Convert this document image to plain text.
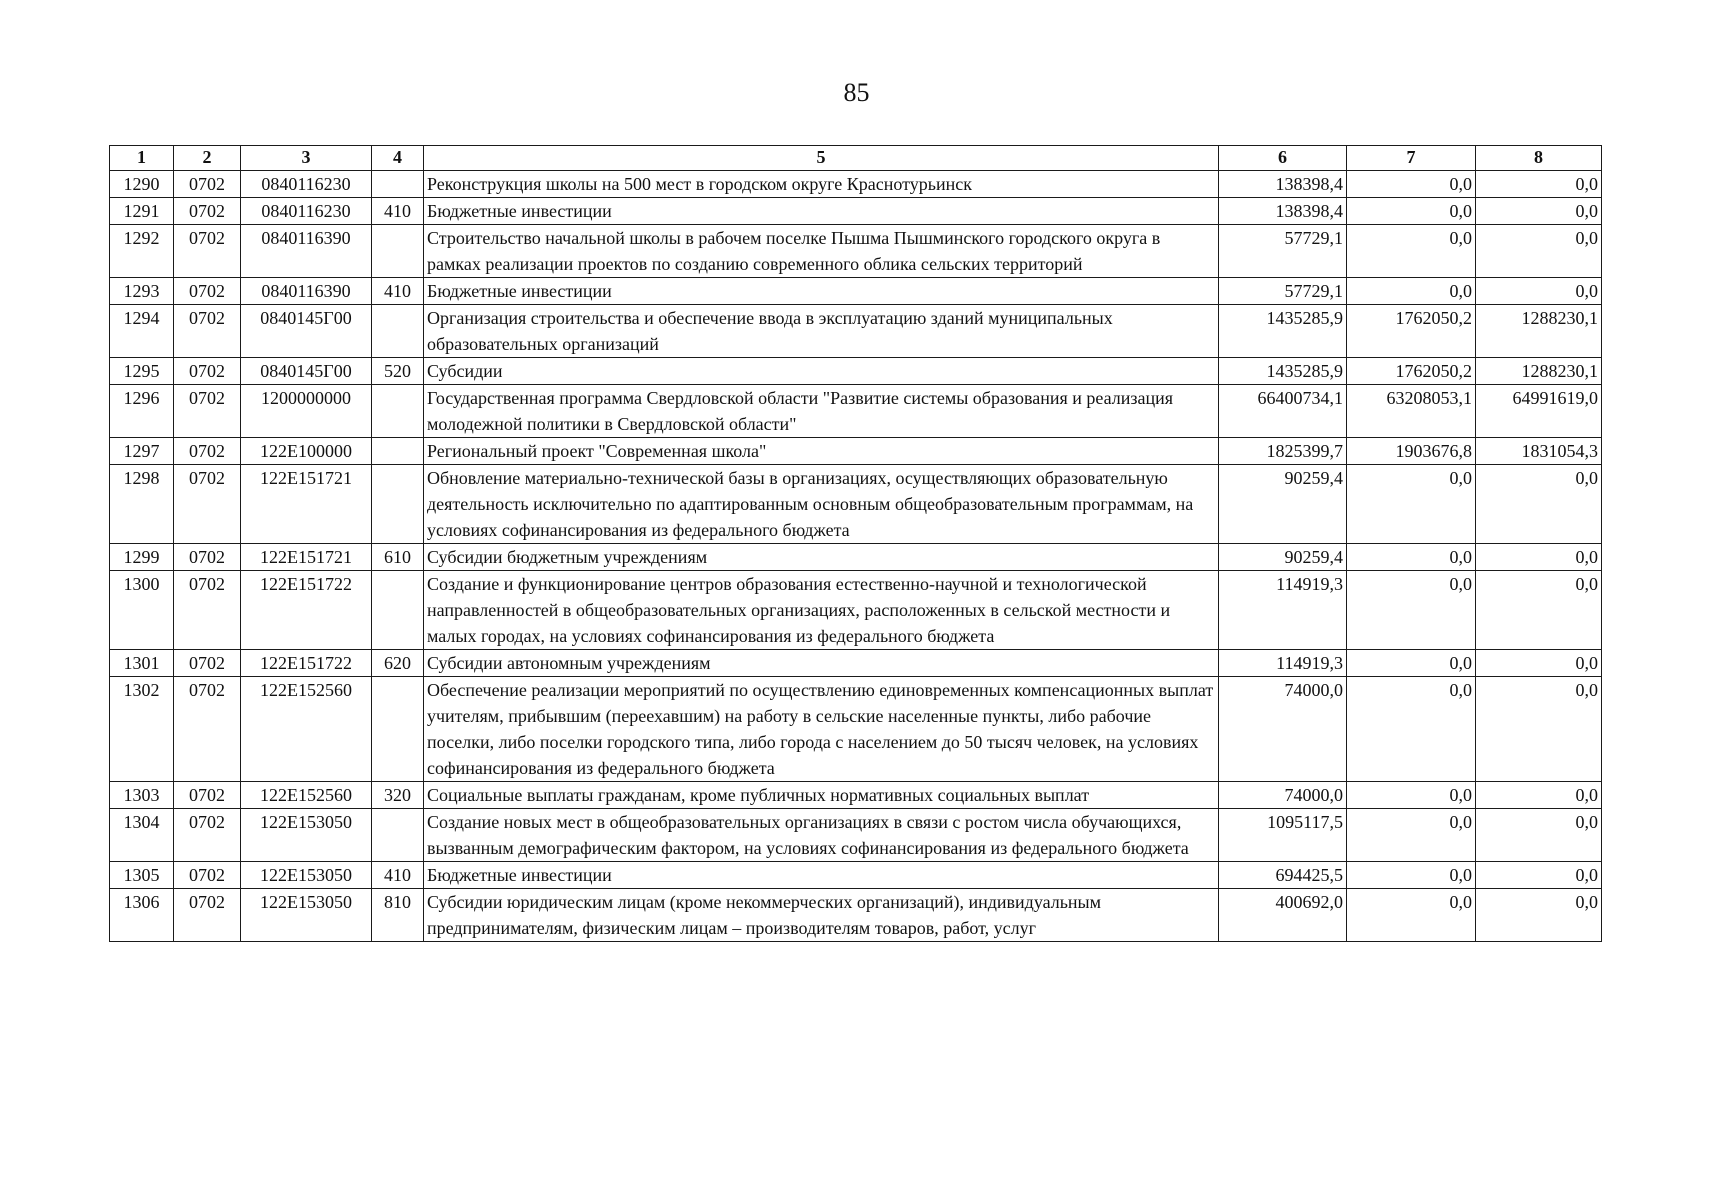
85
1	2	3	4	5	6	7	8
1290	0702	0840116230		Реконструкция школы на 500 мест в городском округе Краснотурьинск	138398,4	0,0	0,0
1291	0702	0840116230	410	Бюджетные инвестиции	138398,4	0,0	0,0
1292	0702	0840116390		Строительство начальной школы в рабочем поселке Пышма Пышминского городского округа в рамках реализации проектов по созданию современного облика сельских территорий	57729,1	0,0	0,0
1293	0702	0840116390	410	Бюджетные инвестиции	57729,1	0,0	0,0
1294	0702	0840145Г00		Организация строительства и обеспечение ввода в эксплуатацию зданий муниципальных образовательных организаций	1435285,9	1762050,2	1288230,1
1295	0702	0840145Г00	520	Субсидии	1435285,9	1762050,2	1288230,1
1296	0702	1200000000		Государственная программа Свердловской области "Развитие системы образования и реализация молодежной политики в Свердловской области"	66400734,1	63208053,1	64991619,0
1297	0702	122E100000		Региональный проект "Современная школа"	1825399,7	1903676,8	1831054,3
1298	0702	122E151721		Обновление материально-технической базы в организациях, осуществляющих образовательную деятельность исключительно по адаптированным основным общеобразовательным программам, на условиях софинансирования из федерального бюджета	90259,4	0,0	0,0
1299	0702	122E151721	610	Субсидии бюджетным учреждениям	90259,4	0,0	0,0
1300	0702	122E151722		Создание и функционирование центров образования естественно-научной и технологической направленностей в общеобразовательных организациях, расположенных в сельской местности и малых городах, на условиях софинансирования из федерального бюджета	114919,3	0,0	0,0
1301	0702	122E151722	620	Субсидии автономным учреждениям	114919,3	0,0	0,0
1302	0702	122E152560		Обеспечение реализации мероприятий по осуществлению единовременных компенсационных выплат учителям, прибывшим (переехавшим) на работу в сельские населенные пункты, либо рабочие поселки, либо поселки городского типа, либо города с населением до 50 тысяч человек, на условиях софинансирования из федерального бюджета	74000,0	0,0	0,0
1303	0702	122E152560	320	Социальные выплаты гражданам, кроме публичных нормативных социальных выплат	74000,0	0,0	0,0
1304	0702	122E153050		Создание новых мест в общеобразовательных организациях в связи с ростом числа обучающихся, вызванным демографическим фактором, на условиях софинансирования из федерального бюджета	1095117,5	0,0	0,0
1305	0702	122E153050	410	Бюджетные инвестиции	694425,5	0,0	0,0
1306	0702	122E153050	810	Субсидии юридическим лицам (кроме некоммерческих организаций), индивидуальным предпринимателям, физическим лицам – производителям товаров, работ, услуг	400692,0	0,0	0,0
